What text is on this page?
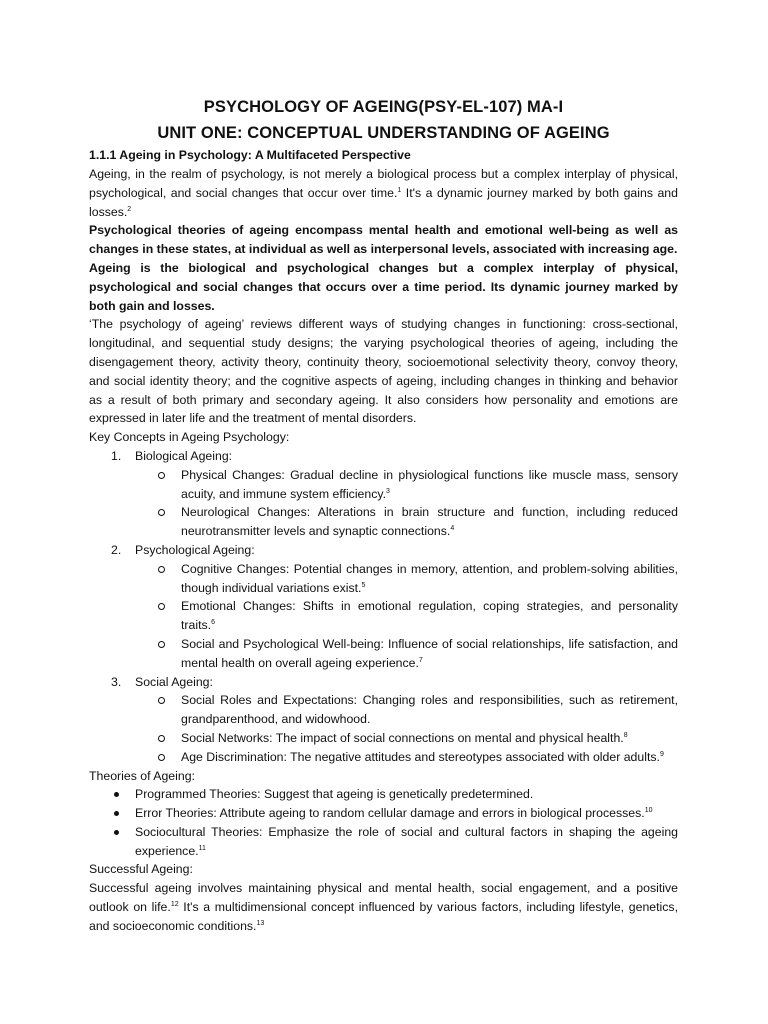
PSYCHOLOGY OF AGEING(PSY-EL-107) MA-I
UNIT ONE: CONCEPTUAL UNDERSTANDING OF AGEING
1.1.1 Ageing in Psychology: A Multifaceted Perspective

Ageing, in the realm of psychology, is not merely a biological process but a complex interplay of physical, psychological, and social changes that occur over time.$^1$ It's a dynamic journey marked by both gains and losses.$^2$

Psychological theories of ageing encompass mental health and emotional well-being as well as changes in these states, at individual as well as interpersonal levels, associated with increasing age.

Ageing is the biological and psychological changes but a complex interplay of physical, psychological and social changes that occurs over a time period. Its dynamic journey marked by both gain and losses.

‘The psychology of ageing’ reviews different ways of studying changes in functioning: cross-sectional, longitudinal, and sequential study designs; the varying psychological theories of ageing, including the disengagement theory, activity theory, continuity theory, socioemotional selectivity theory, convoy theory, and social identity theory; and the cognitive aspects of ageing, including changes in thinking and behavior as a result of both primary and secondary ageing. It also considers how personality and emotions are expressed in later life and the treatment of mental disorders.

Key Concepts in Ageing Psychology:

1. Biological Ageing:
Physical Changes: Gradual decline in physiological functions like muscle mass, sensory acuity, and immune system efficiency.$^3$
Neurological Changes: Alterations in brain structure and function, including reduced neurotransmitter levels and synaptic connections.$^4$
2. Psychological Ageing:
Cognitive Changes: Potential changes in memory, attention, and problem-solving abilities, though individual variations exist.$^5$
Emotional Changes: Shifts in emotional regulation, coping strategies, and personality traits.$^6$
Social and Psychological Well-being: Influence of social relationships, life satisfaction, and mental health on overall ageing experience.$^7$
3. Social Ageing:
Social Roles and Expectations: Changing roles and responsibilities, such as retirement, grandparenthood, and widowhood.
Social Networks: The impact of social connections on mental and physical health.$^8$
Age Discrimination: The negative attitudes and stereotypes associated with older adults.$^9$

Theories of Ageing:

Programmed Theories: Suggest that ageing is genetically predetermined.
Error Theories: Attribute ageing to random cellular damage and errors in biological processes.$^{10}$
Sociocultural Theories: Emphasize the role of social and cultural factors in shaping the ageing experience.$^{11}$

Successful Ageing:

Successful ageing involves maintaining physical and mental health, social engagement, and a positive outlook on life.$^{12}$ It's a multidimensional concept influenced by various factors, including lifestyle, genetics, and socioeconomic conditions.$^{13}$
